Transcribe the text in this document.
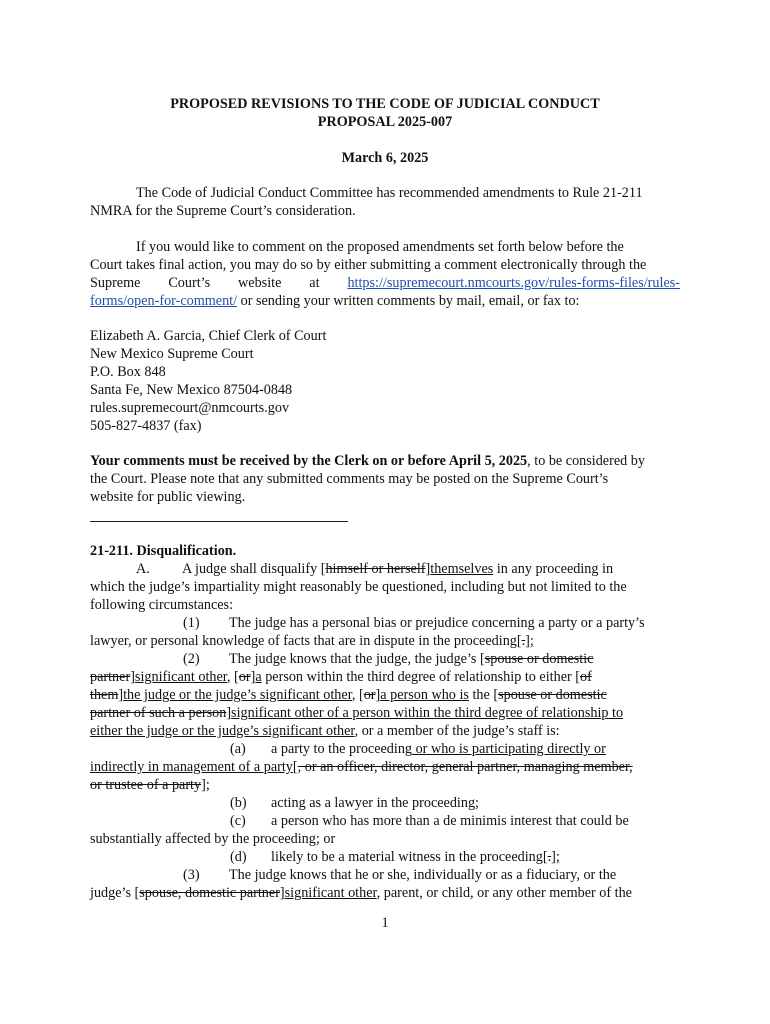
PROPOSED REVISIONS TO THE CODE OF JUDICIAL CONDUCT
PROPOSAL 2025-007
March 6, 2025
The Code of Judicial Conduct Committee has recommended amendments to Rule 21-211
NMRA for the Supreme Court’s consideration.
If you would like to comment on the proposed amendments set forth below before the
Court takes final action, you may do so by either submitting a comment electronically through the
Supreme Court’s website at https://supremecourt.nmcourts.gov/rules-forms-files/rules-
forms/open-for-comment/ or sending your written comments by mail, email, or fax to:
Elizabeth A. Garcia, Chief Clerk of Court
New Mexico Supreme Court
P.O. Box 848
Santa Fe, New Mexico 87504-0848
rules.supremecourt@nmcourts.gov
505-827-4837 (fax)
Your comments must be received by the Clerk on or before April 5, 2025, to be considered by
the Court. Please note that any submitted comments may be posted on the Supreme Court’s
website for public viewing.
21-211. Disqualification.
A. A judge shall disqualify [himself or herself]themselves in any proceeding in
which the judge’s impartiality might reasonably be questioned, including but not limited to the
following circumstances:
(1) The judge has a personal bias or prejudice concerning a party or a party’s
lawyer, or personal knowledge of facts that are in dispute in the proceeding[.];
(2) The judge knows that the judge, the judge’s [spouse or domestic
partner]significant other, [or]a person within the third degree of relationship to either [of
them]the judge or the judge’s significant other, [or]a person who is the [spouse or domestic
partner of such a person]significant other of a person within the third degree of relationship to
either the judge or the judge’s significant other, or a member of the judge’s staff is:
(a) a party to the proceeding or who is participating directly or
indirectly in management of a party[, or an officer, director, general partner, managing member,
or trustee of a party];
(b) acting as a lawyer in the proceeding;
(c) a person who has more than a de minimis interest that could be
substantially affected by the proceeding; or
(d) likely to be a material witness in the proceeding[.];
(3) The judge knows that he or she, individually or as a fiduciary, or the
judge’s [spouse, domestic partner]significant other, parent, or child, or any other member of the
1
